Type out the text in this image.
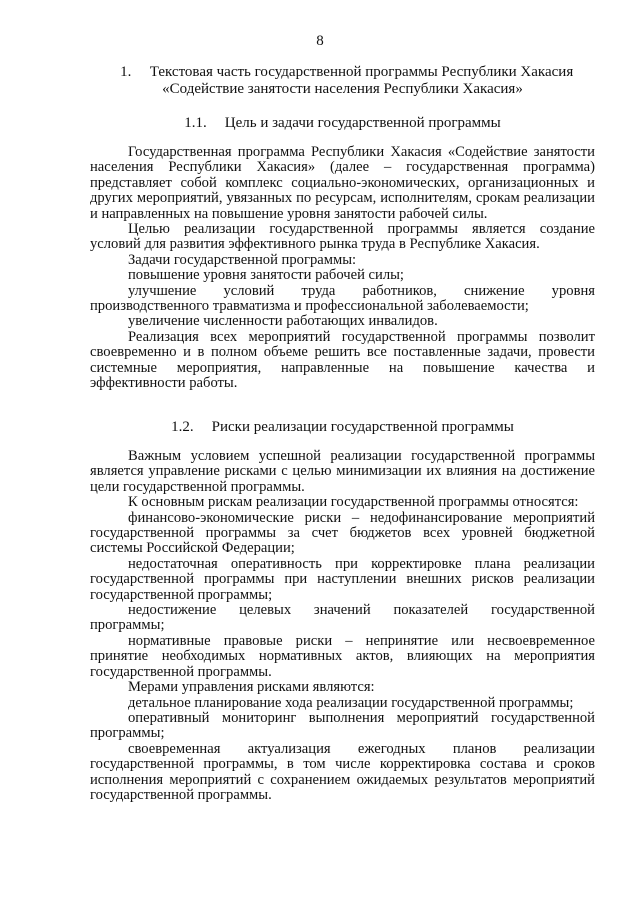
8
1. Текстовая часть государственной программы Республики Хакасия
«Содействие занятости населения Республики Хакасия»
1.1. Цель и задачи государственной программы

Государственная программа Республики Хакасия «Содействие занятости населения Республики Хакасия» (далее – государственная программа) представляет собой комплекс социально-экономических, организационных и других мероприятий, увязанных по ресурсам, исполнителям, срокам реализации и направленных на повышение уровня занятости рабочей силы.

Целью реализации государственной программы является создание условий для развития эффективного рынка труда в Республике Хакасия.

Задачи государственной программы:

повышение уровня занятости рабочей силы;

улучшение условий труда работников, снижение уровня производственного травматизма и профессиональной заболеваемости;

увеличение численности работающих инвалидов.

Реализация всех мероприятий государственной программы позволит своевременно и в полном объеме решить все поставленные задачи, провести системные мероприятия, направленные на повышение качества и эффективности работы.

1.2. Риски реализации государственной программы

Важным условием успешной реализации государственной программы является управление рисками с целью минимизации их влияния на достижение цели государственной программы.

К основным рискам реализации государственной программы относятся:

финансово-экономические риски – недофинансирование мероприятий государственной программы за счет бюджетов всех уровней бюджетной системы Российской Федерации;

недостаточная оперативность при корректировке плана реализации государственной программы при наступлении внешних рисков реализации государственной программы;

недостижение целевых значений показателей государственной программы;

нормативные правовые риски – непринятие или несвоевременное принятие необходимых нормативных актов, влияющих на мероприятия государственной программы.

Мерами управления рисками являются:

детальное планирование хода реализации государственной программы;

оперативный мониторинг выполнения мероприятий государственной программы;

своевременная актуализация ежегодных планов реализации государственной программы, в том числе корректировка состава и сроков исполнения мероприятий с сохранением ожидаемых результатов мероприятий государственной программы.
